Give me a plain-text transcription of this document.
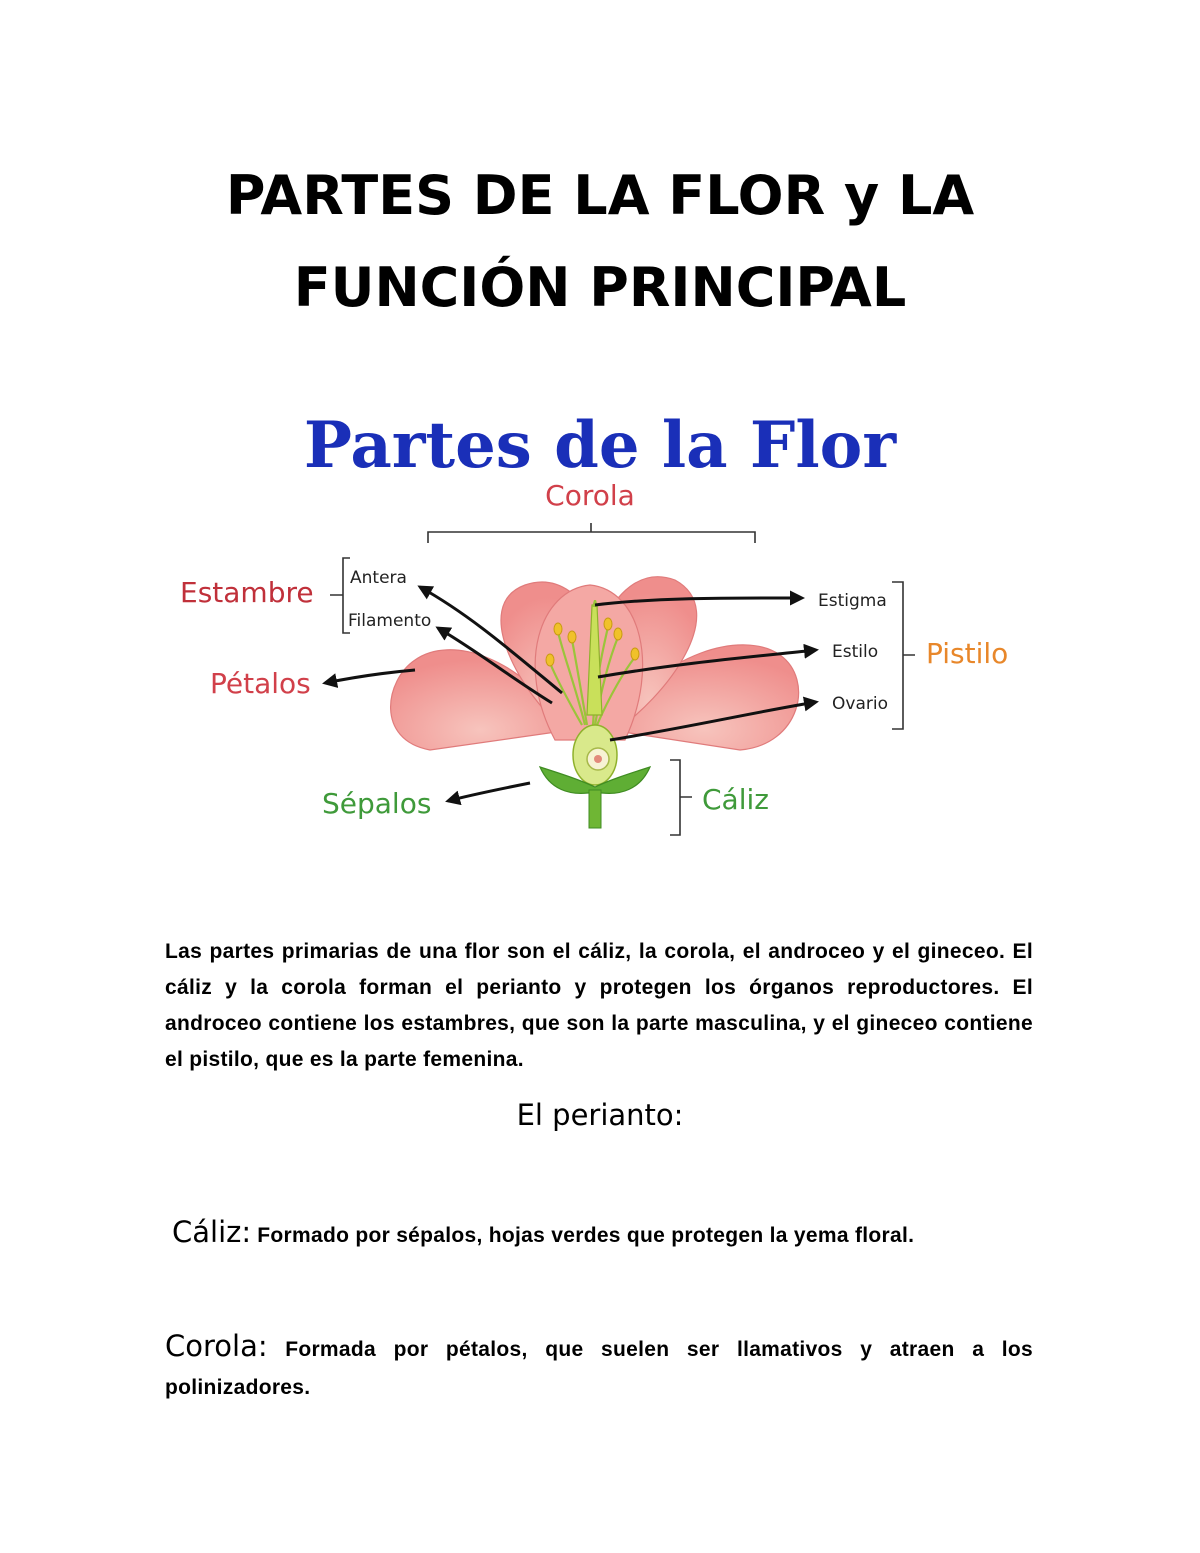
PARTES DE LA FLOR y LA
FUNCIÓN PRINCIPAL
Partes de la Flor
Corola
Estambre Antera
Filamento
Pétalos
Sépalos
Estigma
Estilo
Ovario
Pistilo
Cáliz

Las partes primarias de una flor son el cáliz, la corola, el androceo y el gineceo. El cáliz y la corola forman el perianto y protegen los órganos reproductores. El androceo contiene los estambres, que son la parte masculina, y el gineceo contiene el pistilo, que es la parte femenina.

El perianto:

Cáliz: Formado por sépalos, hojas verdes que protegen la yema floral.

Corola: Formada por pétalos, que suelen ser llamativos y atraen a los polinizadores.
